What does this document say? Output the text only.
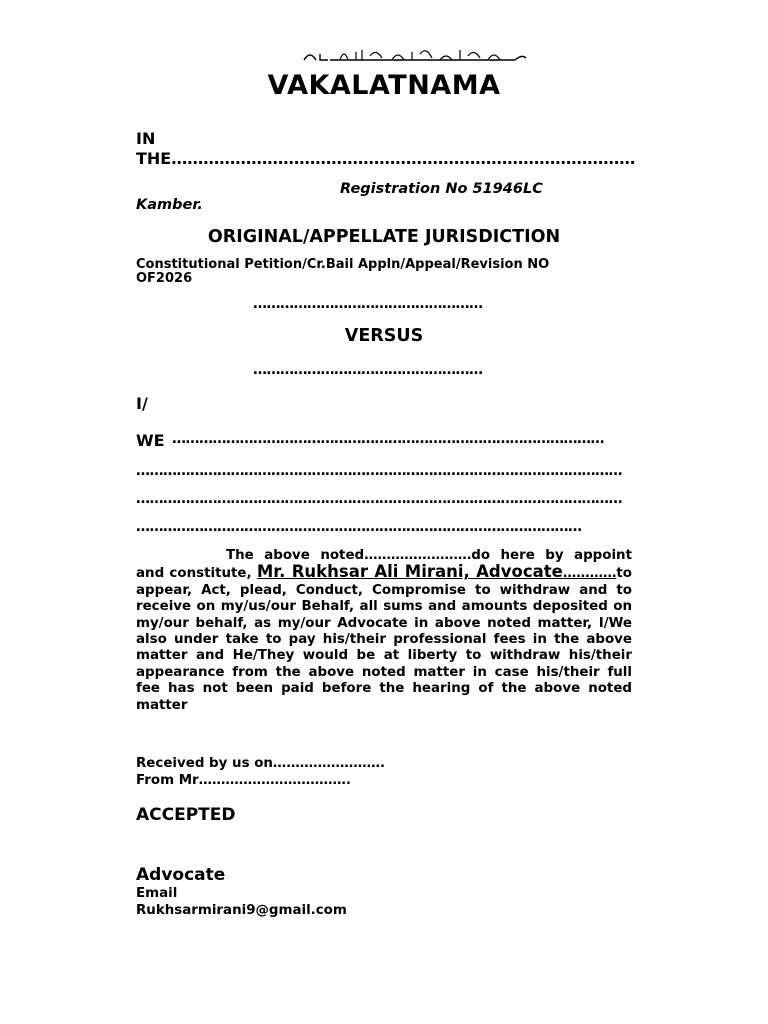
VAKALATNAMA
IN
THE……………………………………………………………………………
Registration No 51946LC
Kamber.
ORIGINAL/APPELLATE JURISDICTION
Constitutional Petition/Cr.Bail Appln/Appeal/Revision NO OF2026
……………………………………………
VERSUS
……………………………………………
I/
WE ……………………………………………………………………………………
………………………………………………………………………………………………
………………………………………………………………………………………………
………………………………………………………………………………………
The above noted……………………do here by appoint and constitute, Mr. Rukhsar Ali Mirani, Advocate…………to appear, Act, plead, Conduct, Compromise to withdraw and to receive on my/us/our Behalf, all sums and amounts deposited on my/our behalf, as my/our Advocate in above noted matter, I/We also under take to pay his/their professional fees in the above matter and He/They would be at liberty to withdraw his/their appearance from the above noted matter in case his/their full fee has not been paid before the hearing of the above noted matter
Received by us on…………………….
From Mr…………………………….
ACCEPTED
Advocate
Email
Rukhsarmirani9@gmail.com
